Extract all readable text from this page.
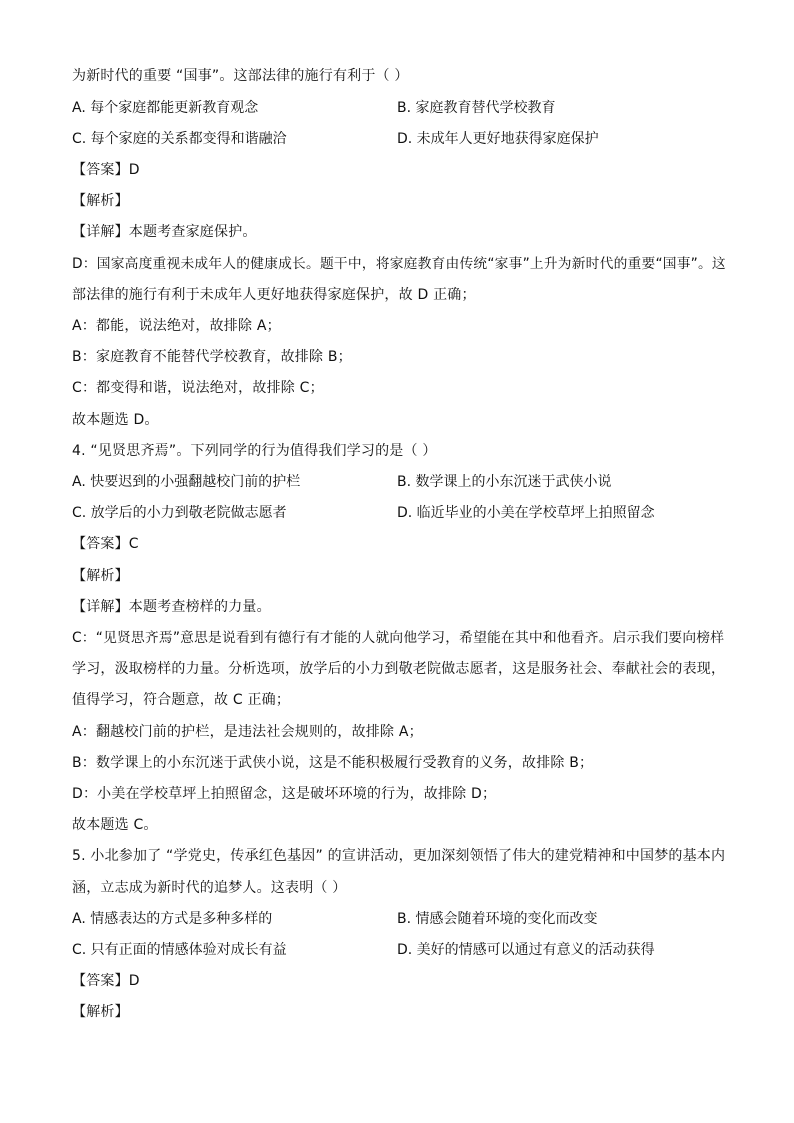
为新时代的重要 “国事”。这部法律的施行有利于（ ）
A. 每个家庭都能更新教育观念	B. 家庭教育替代学校教育
C. 每个家庭的关系都变得和谐融洽	D. 未成年人更好地获得家庭保护
【答案】D
【解析】
【详解】本题考查家庭保护。
D：国家高度重视未成年人的健康成长。题干中，将家庭教育由传统“家事”上升为新时代的重要“国事”。这
部法律的施行有利于未成年人更好地获得家庭保护，故 D 正确；
A：都能，说法绝对，故排除 A；
B：家庭教育不能替代学校教育，故排除 B；
C：都变得和谐，说法绝对，故排除 C；
故本题选 D。
4. “见贤思齐焉”。下列同学的行为值得我们学习的是（ ）
A. 快要迟到的小强翻越校门前的护栏	B. 数学课上的小东沉迷于武侠小说
C. 放学后的小力到敬老院做志愿者	D. 临近毕业的小美在学校草坪上拍照留念
【答案】C
【解析】
【详解】本题考查榜样的力量。
C：“见贤思齐焉”意思是说看到有德行有才能的人就向他学习，希望能在其中和他看齐。启示我们要向榜样
学习，汲取榜样的力量。分析选项，放学后的小力到敬老院做志愿者，这是服务社会、奉献社会的表现，
值得学习，符合题意，故 C 正确；
A：翻越校门前的护栏，是违法社会规则的，故排除 A；
B：数学课上的小东沉迷于武侠小说，这是不能积极履行受教育的义务，故排除 B；
D：小美在学校草坪上拍照留念，这是破坏环境的行为，故排除 D；
故本题选 C。
5. 小北参加了 “学党史，传承红色基因” 的宣讲活动，更加深刻领悟了伟大的建党精神和中国梦的基本内
涵，立志成为新时代的追梦人。这表明（ ）
A. 情感表达的方式是多种多样的	B. 情感会随着环境的变化而改变
C. 只有正面的情感体验对成长有益	D. 美好的情感可以通过有意义的活动获得
【答案】D
【解析】
